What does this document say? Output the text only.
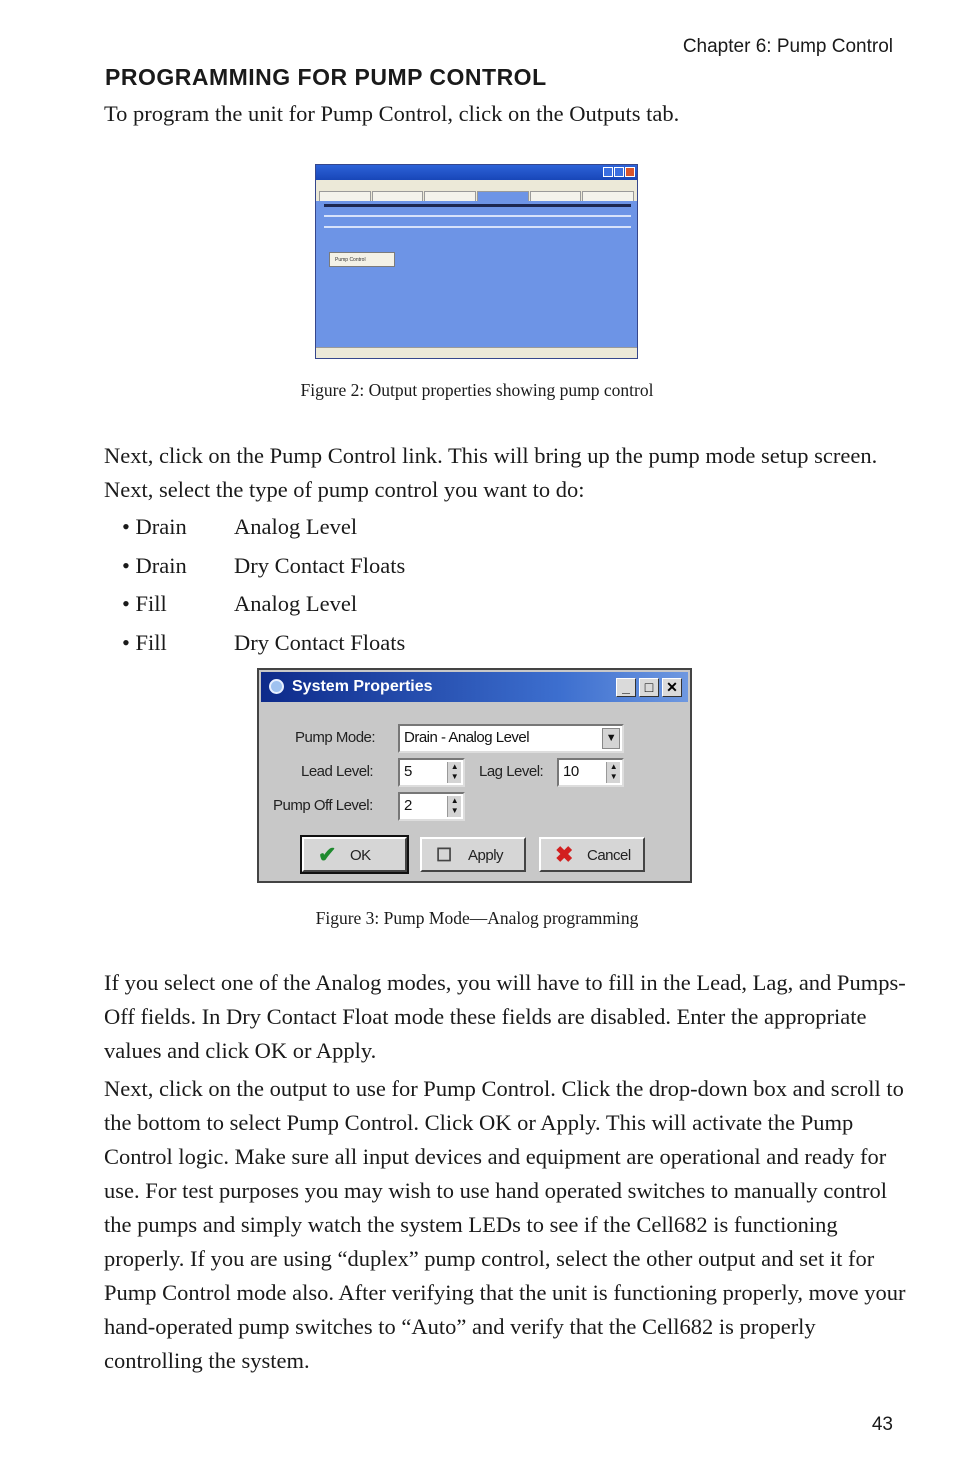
Chapter 6: Pump Control
PROGRAMMING FOR PUMP CONTROL

To program the unit for Pump Control, click on the Outputs tab.

Pump Control

Figure 2: Output properties showing pump control

Next, click on the Pump Control link. This will bring up the pump mode setup screen. Next, select the type of pump control you want to do:

• Drain Analog Level
• Drain Dry Contact Floats
• Fill	Analog Level
• Fill	Dry Contact Floats
System Properties	_	□ ✕
Pump Mode:	Drain - Analog Level	▼
Lead Level:	5	▲
▼ Lag Level:	10	▲
▼
Pump Off Level:	2	▲
▼
✔ OK	☐ Apply ✖ Cancel

Figure 3: Pump Mode—Analog programming

If you select one of the Analog modes, you will have to fill in the Lead, Lag, and Pumps-Off fields. In Dry Contact Float mode these fields are disabled. Enter the appropriate values and click OK or Apply.

Next, click on the output to use for Pump Control. Click the drop-down box and scroll to the bottom to select Pump Control. Click OK or Apply. This will activate the Pump Control logic. Make sure all input devices and equipment are operational and ready for use. For test purposes you may wish to use hand operated switches to manually control the pumps and simply watch the system LEDs to see if the Cell682 is functioning properly. If you are using “duplex” pump control, select the other output and set it for Pump Control mode also. After verifying that the unit is functioning properly, move your hand-operated pump switches to “Auto” and verify that the Cell682 is properly controlling the system.

43
